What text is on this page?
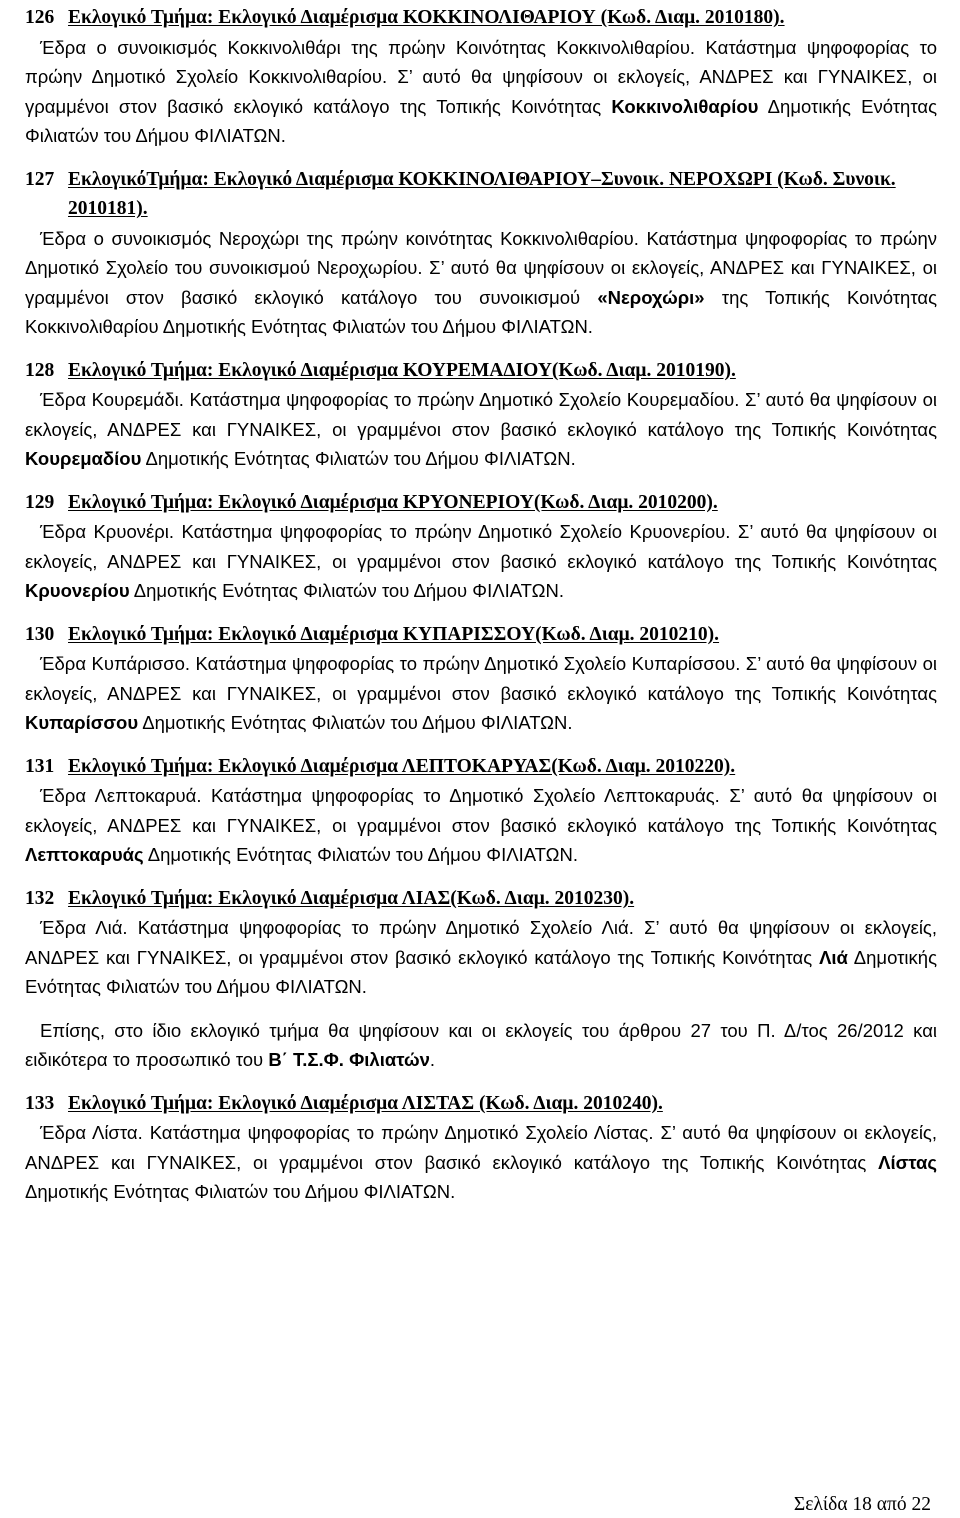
126 Εκλογικό Τμήμα: Εκλογικό Διαμέρισμα ΚΟΚΚΙΝΟΛΙΘΑΡΙΟΥ (Κωδ. Διαμ. 2010180).

Έδρα ο συνοικισμός Κοκκινολιθάρι της πρώην Κοινότητας Κοκκινολιθαρίου. Κατάστημα ψηφοφορίας το πρώην Δημοτικό Σχολείο Κοκκινολιθαρίου. Σ’ αυτό θα ψηφίσουν οι εκλογείς, ΑΝΔΡΕΣ και ΓΥΝΑΙΚΕΣ, οι γραμμένοι στον βασικό εκλογικό κατάλογο της Τοπικής Κοινότητας Κοκκινολιθαρίου Δημοτικής Ενότητας Φιλιατών του Δήμου ΦΙΛΙΑΤΩΝ.

127 ΕκλογικόΤμήμα: Εκλογικό Διαμέρισμα ΚΟΚΚΙΝΟΛΙΘΑΡΙΟΥ–Συνοικ. ΝΕΡΟΧΩΡΙ (Κωδ. Συνοικ. 2010181).

Έδρα ο συνοικισμός Νεροχώρι της πρώην κοινότητας Κοκκινολιθαρίου. Κατάστημα ψηφοφορίας το πρώην Δημοτικό Σχολείο του συνοικισμού Νεροχωρίου. Σ’ αυτό θα ψηφίσουν οι εκλογείς, ΑΝΔΡΕΣ και ΓΥΝΑΙΚΕΣ, οι γραμμένοι στον βασικό εκλογικό κατάλογο του συνοικισμού «Νεροχώρι» της Τοπικής Κοινότητας Κοκκινολιθαρίου Δημοτικής Ενότητας Φιλιατών του Δήμου ΦΙΛΙΑΤΩΝ.

128 Εκλογικό Τμήμα: Εκλογικό Διαμέρισμα ΚΟΥΡΕΜΑΔΙΟΥ(Κωδ. Διαμ. 2010190).

Έδρα Κουρεμάδι. Κατάστημα ψηφοφορίας το πρώην Δημοτικό Σχολείο Κουρεμαδίου. Σ’ αυτό θα ψηφίσουν οι εκλογείς, ΑΝΔΡΕΣ και ΓΥΝΑΙΚΕΣ, οι γραμμένοι στον βασικό εκλογικό κατάλογο της Τοπικής Κοινότητας Κουρεμαδίου Δημοτικής Ενότητας Φιλιατών του Δήμου ΦΙΛΙΑΤΩΝ.

129 Εκλογικό Τμήμα: Εκλογικό Διαμέρισμα ΚΡΥΟΝΕΡΙΟΥ(Κωδ. Διαμ. 2010200).

Έδρα Κρυονέρι. Κατάστημα ψηφοφορίας το πρώην Δημοτικό Σχολείο Κρυονερίου. Σ’ αυτό θα ψηφίσουν οι εκλογείς, ΑΝΔΡΕΣ και ΓΥΝΑΙΚΕΣ, οι γραμμένοι στον βασικό εκλογικό κατάλογο της Τοπικής Κοινότητας Κρυονερίου Δημοτικής Ενότητας Φιλιατών του Δήμου ΦΙΛΙΑΤΩΝ.

130 Εκλογικό Τμήμα: Εκλογικό Διαμέρισμα ΚΥΠΑΡΙΣΣΟΥ(Κωδ. Διαμ. 2010210).

Έδρα Κυπάρισσο. Κατάστημα ψηφοφορίας το πρώην Δημοτικό Σχολείο Κυπαρίσσου. Σ’ αυτό θα ψηφίσουν οι εκλογείς, ΑΝΔΡΕΣ και ΓΥΝΑΙΚΕΣ, οι γραμμένοι στον βασικό εκλογικό κατάλογο της Τοπικής Κοινότητας Κυπαρίσσου Δημοτικής Ενότητας Φιλιατών του Δήμου ΦΙΛΙΑΤΩΝ.

131 Εκλογικό Τμήμα: Εκλογικό Διαμέρισμα ΛΕΠΤΟΚΑΡΥΑΣ(Κωδ. Διαμ. 2010220).

Έδρα Λεπτοκαρυά. Κατάστημα ψηφοφορίας το Δημοτικό Σχολείο Λεπτοκαρυάς. Σ’ αυτό θα ψηφίσουν οι εκλογείς, ΑΝΔΡΕΣ και ΓΥΝΑΙΚΕΣ, οι γραμμένοι στον βασικό εκλογικό κατάλογο της Τοπικής Κοινότητας Λεπτοκαρυάς Δημοτικής Ενότητας Φιλιατών του Δήμου ΦΙΛΙΑΤΩΝ.

132 Εκλογικό Τμήμα: Εκλογικό Διαμέρισμα ΛΙΑΣ(Κωδ. Διαμ. 2010230).

Έδρα Λιά. Κατάστημα ψηφοφορίας το πρώην Δημοτικό Σχολείο Λιά. Σ’ αυτό θα ψηφίσουν οι εκλογείς, ΑΝΔΡΕΣ και ΓΥΝΑΙΚΕΣ, οι γραμμένοι στον βασικό εκλογικό κατάλογο της Τοπικής Κοινότητας Λιά Δημοτικής Ενότητας Φιλιατών του Δήμου ΦΙΛΙΑΤΩΝ.

Επίσης, στο ίδιο εκλογικό τμήμα θα ψηφίσουν και οι εκλογείς του άρθρου 27 του Π. Δ/τος 26/2012 και ειδικότερα το προσωπικό του Β΄ Τ.Σ.Φ. Φιλιατών.

133 Εκλογικό Τμήμα: Εκλογικό Διαμέρισμα ΛΙΣΤΑΣ (Κωδ. Διαμ. 2010240).

Έδρα Λίστα. Κατάστημα ψηφοφορίας το πρώην Δημοτικό Σχολείο Λίστας. Σ’ αυτό θα ψηφίσουν οι εκλογείς, ΑΝΔΡΕΣ και ΓΥΝΑΙΚΕΣ, οι γραμμένοι στον βασικό εκλογικό κατάλογο της Τοπικής Κοινότητας Λίστας Δημοτικής Ενότητας Φιλιατών του Δήμου ΦΙΛΙΑΤΩΝ.

Σελίδα 18 από 22
